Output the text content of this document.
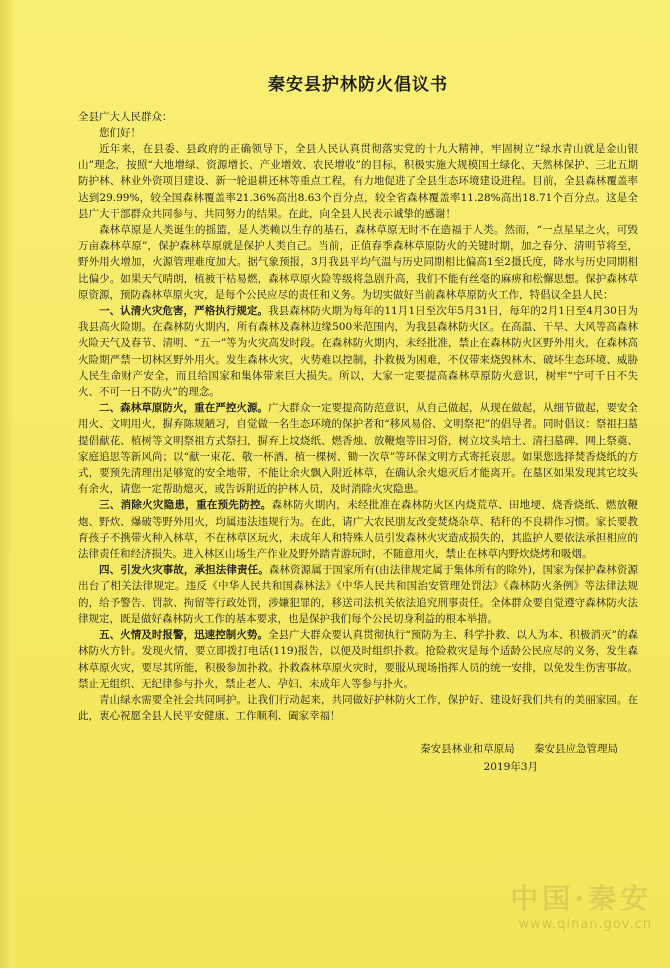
秦安县护林防火倡议书
全县广大人民群众：
您们好！

近年来，在县委、县政府的正确领导下，全县人民认真贯彻落实党的十九大精神，牢固树立“绿水青山就是金山银山”理念，按照“大地增绿、资源增长、产业增效、农民增收”的目标，积极实施大规模国土绿化、天然林保护、三北五期防护林、林业外资项目建设、新一轮退耕还林等重点工程，有力地促进了全县生态环境建设进程。目前，全县森林覆盖率达到29.99%，较全国森林覆盖率21.36%高出8.63个百分点，较全省森林覆盖率11.28%高出18.71个百分点。这是全县广大干部群众共同参与、共同努力的结果。在此，向全县人民表示诚挚的感谢！

森林草原是人类诞生的摇篮，是人类赖以生存的基石，森林草原无时不在造福于人类。然而，“一点星星之火，可毁万亩森林草原”，保护森林草原就是保护人类自己。当前，正值春季森林草原防火的关键时期，加之春分、清明节将至，野外用火增加，火源管理难度加大。据气象预报，3月我县平均气温与历史同期相比偏高1至2摄氏度，降水与历史同期相比偏少。如果天气晴朗，植被干枯易燃，森林草原火险等级将急剧升高，我们不能有丝毫的麻痹和松懈思想。保护森林草原资源，预防森林草原火灾，是每个公民应尽的责任和义务。为切实做好当前森林草原防火工作，特倡议全县人民：

一、认清火灾危害，严格执行规定。我县森林防火期为每年的11月1日至次年5月31日，每年的2月1日至4月30日为我县高火险期。在森林防火期内，所有森林及森林边缘500米范围内，为我县森林防火区。在高温、干旱、大风等高森林火险天气及春节、清明、“五一”等为火灾高发时段。在森林防火期内，未经批准，禁止在森林防火区野外用火，在森林高火险期严禁一切林区野外用火。发生森林火灾，火势难以控制，扑救极为困难，不仅带来烧毁林木、破坏生态环境、威胁人民生命财产安全，而且给国家和集体带来巨大损失。所以，大家一定要提高森林草原防火意识，树牢“宁可千日不失火、不可一日不防火”的理念。

二、森林草原防火，重在严控火源。广大群众一定要提高防范意识，从自己做起，从现在做起，从细节做起，要安全用火、文明用火，摒弃陈规陋习，自觉做一名生态环境的保护者和“移风易俗、文明祭祀”的倡导者。同时倡议：祭祖扫墓提倡献花、植树等文明祭祖方式祭扫，摒弃上坟烧纸、燃香烛、放鞭炮等旧习俗，树立坟头培土、清扫墓碑、网上祭奠、家庭追思等新风尚；以“献一束花、敬一杯酒、植一棵树、锄一次草”等环保文明方式寄托哀思。如果您选择焚香烧纸的方式，要预先清理出足够宽的安全地带，不能让余火飘入附近林草，在确认余火熄灭后才能离开。在墓区如果发现其它坟头有余火，请您一定帮助熄灭，或告诉附近的护林人员，及时消除火灾隐患。

三、消除火灾隐患，重在预先防控。森林防火期内，未经批准在森林防火区内烧荒草、田地埂、烧香烧纸、燃放鞭炮、野炊、爆破等野外用火，均属违法违规行为。在此，请广大农民朋友改变焚烧杂草、秸秆的不良耕作习惯。家长要教育孩子不携带火种入林草，不在林草区玩火，未成年人和特殊人员引发森林火灾造成损失的，其监护人要依法承担相应的法律责任和经济损失。进入林区山场生产作业及野外踏青游玩时，不随意用火，禁止在林草内野炊烧烤和吸烟。

四、引发火灾事故，承担法律责任。森林资源属于国家所有(由法律规定属于集体所有的除外)，国家为保护森林资源出台了相关法律规定。违反《中华人民共和国森林法》《中华人民共和国治安管理处罚法》《森林防火条例》等法律法规的，给予警告、罚款、拘留等行政处罚，涉嫌犯罪的，移送司法机关依法追究刑事责任。全体群众要自觉遵守森林防火法律规定，既是做好森林防火工作的基本要求，也是保护我们每个公民切身利益的根本举措。

五、火情及时报警，迅速控制火势。全县广大群众要认真贯彻执行“预防为主、科学扑救、以人为本、积极消灭”的森林防火方针。发现火情，要立即拨打电话(119)报告，以便及时组织扑救。抢险救灾是每个适龄公民应尽的义务，发生森林草原火灾，要尽其所能，积极参加扑救。扑救森林草原火灾时，要服从现场指挥人员的统一安排，以免发生伤害事故。禁止无组织、无纪律参与扑火，禁止老人、孕妇、未成年人等参与扑火。

青山绿水需要全社会共同呵护。让我们行动起来，共同做好护林防火工作，保护好、建设好我们共有的美丽家园。在此，衷心祝愿全县人民平安健康、工作顺利、阖家幸福！

秦安县林业和草原局 秦安县应急管理局
2019年3月
中国·秦安
www.qinan.gov.cn
